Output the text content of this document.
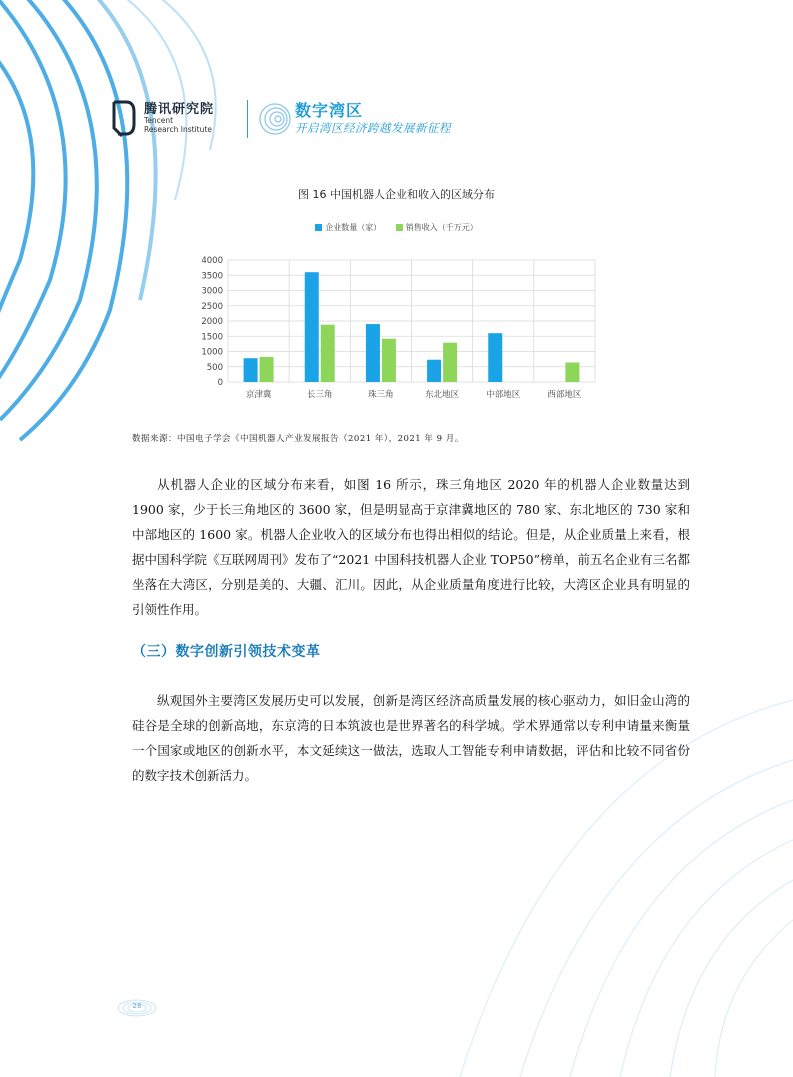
腾讯研究院
Tencent
Research Institute
数字湾区
开启湾区经济跨越发展新征程
图 16 中国机器人企业和收入的区域分布
企业数量（家）
	销售收入（千万元）
0
500
1000
1500
2000
2500
3000
3500
4000
京津冀	长三角	珠三角	东北地区	中部地区	西部地区
数据来源：中国电子学会《中国机器人产业发展报告（2021 年），2021 年 9 月。

从机器人企业的区域分布来看，如图 16 所示，珠三角地区 2020 年的机器人企业数量达到 1900 家，少于长三角地区的 3600 家，但是明显高于京津冀地区的 780 家、东北地区的 730 家和中部地区的 1600 家。机器人企业收入的区域分布也得出相似的结论。但是，从企业质量上来看，根据中国科学院《互联网周刊》发布了“2021 中国科技机器人企业 TOP50”榜单，前五名企业有三名都坐落在大湾区，分别是美的、大疆、汇川。因此，从企业质量角度进行比较，大湾区企业具有明显的引领性作用。

（三）数字创新引领技术变革

纵观国外主要湾区发展历史可以发展，创新是湾区经济高质量发展的核心驱动力，如旧金山湾的硅谷是全球的创新高地，东京湾的日本筑波也是世界著名的科学城。学术界通常以专利申请量来衡量一个国家或地区的创新水平，本文延续这一做法，选取人工智能专利申请数据，评估和比较不同省份的数字技术创新活力。

28
